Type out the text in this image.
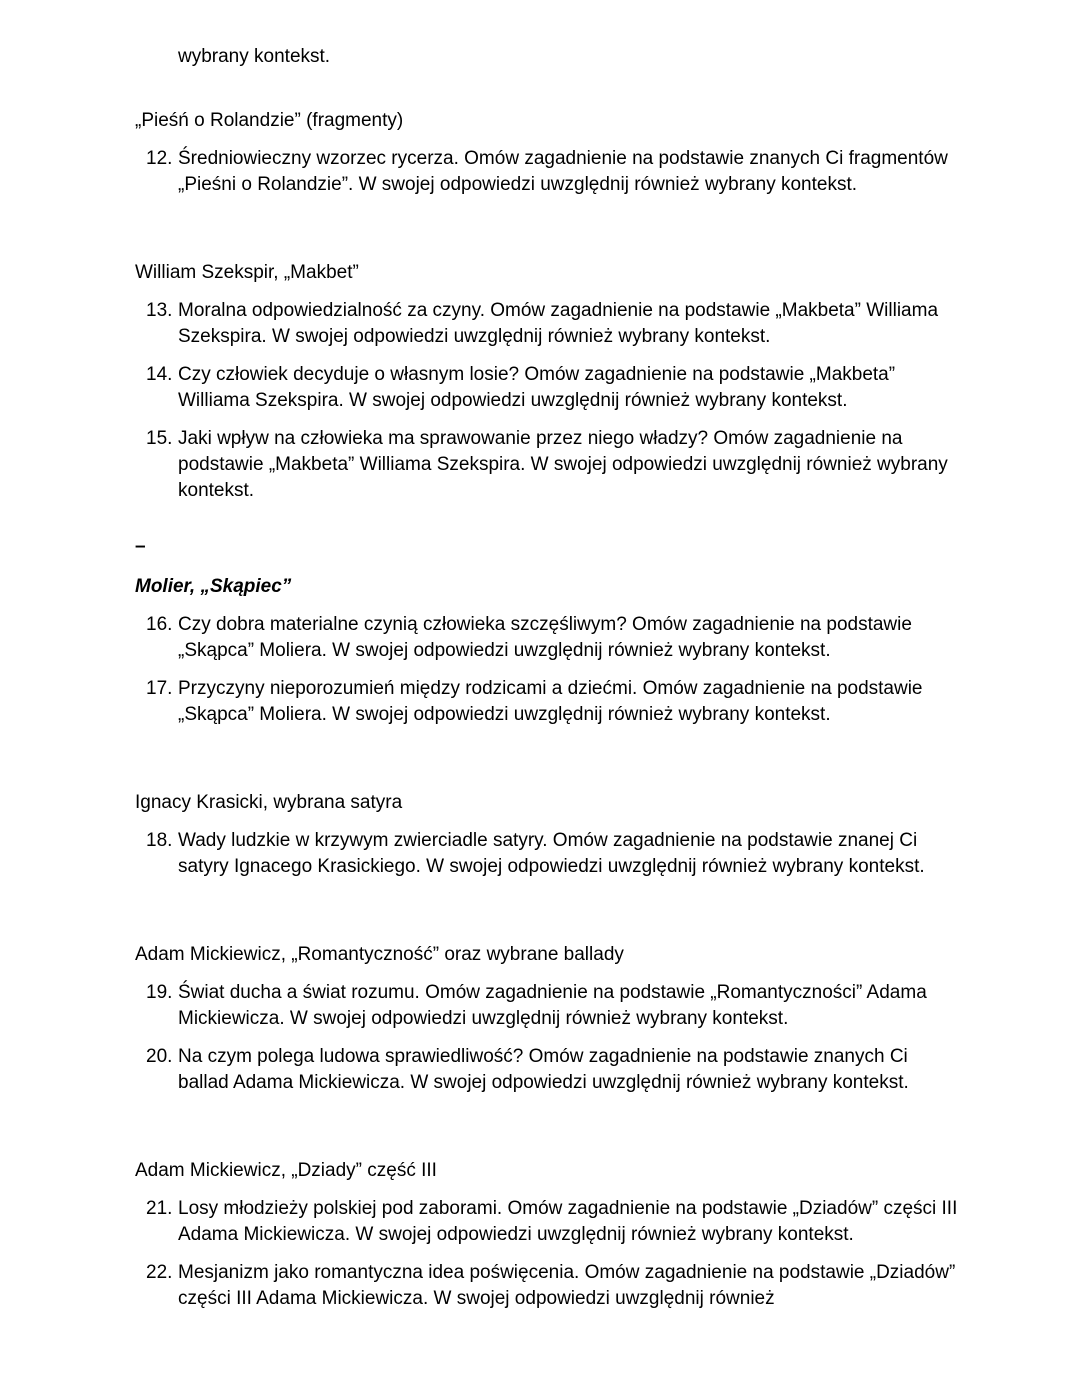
wybrany kontekst.

„Pieśń o Rolandzie” (fragmenty)
12. Średniowieczny wzorzec rycerza. Omów zagadnienie na podstawie znanych Ci fragmentów „Pieśni o Rolandzie”. W swojej odpowiedzi uwzględnij również wybrany kontekst.
William Szekspir, „Makbet”
13. Moralna odpowiedzialność za czyny. Omów zagadnienie na podstawie „Makbeta” Williama Szekspira. W swojej odpowiedzi uwzględnij również wybrany kontekst.
14. Czy człowiek decyduje o własnym losie? Omów zagadnienie na podstawie „Makbeta” Williama Szekspira. W swojej odpowiedzi uwzględnij również wybrany kontekst.
15. Jaki wpływ na człowieka ma sprawowanie przez niego władzy? Omów zagadnienie na podstawie „Makbeta” Williama Szekspira. W swojej odpowiedzi uwzględnij również wybrany kontekst.
–
Molier, „Skąpiec”
16. Czy dobra materialne czynią człowieka szczęśliwym? Omów zagadnienie na podstawie „Skąpca” Moliera. W swojej odpowiedzi uwzględnij również wybrany kontekst.
17. Przyczyny nieporozumień między rodzicami a dziećmi. Omów zagadnienie na podstawie „Skąpca” Moliera. W swojej odpowiedzi uwzględnij również wybrany kontekst.
Ignacy Krasicki, wybrana satyra
18. Wady ludzkie w krzywym zwierciadle satyry. Omów zagadnienie na podstawie znanej Ci satyry Ignacego Krasickiego. W swojej odpowiedzi uwzględnij również wybrany kontekst.
Adam Mickiewicz, „Romantyczność” oraz wybrane ballady
19. Świat ducha a świat rozumu. Omów zagadnienie na podstawie „Romantyczności” Adama Mickiewicza. W swojej odpowiedzi uwzględnij również wybrany kontekst.
20. Na czym polega ludowa sprawiedliwość? Omów zagadnienie na podstawie znanych Ci ballad Adama Mickiewicza. W swojej odpowiedzi uwzględnij również wybrany kontekst.
Adam Mickiewicz, „Dziady” część III
21. Losy młodzieży polskiej pod zaborami. Omów zagadnienie na podstawie „Dziadów” części III Adama Mickiewicza. W swojej odpowiedzi uwzględnij również wybrany kontekst.
22. Mesjanizm jako romantyczna idea poświęcenia. Omów zagadnienie na podstawie „Dziadów” części III Adama Mickiewicza. W swojej odpowiedzi uwzględnij również
